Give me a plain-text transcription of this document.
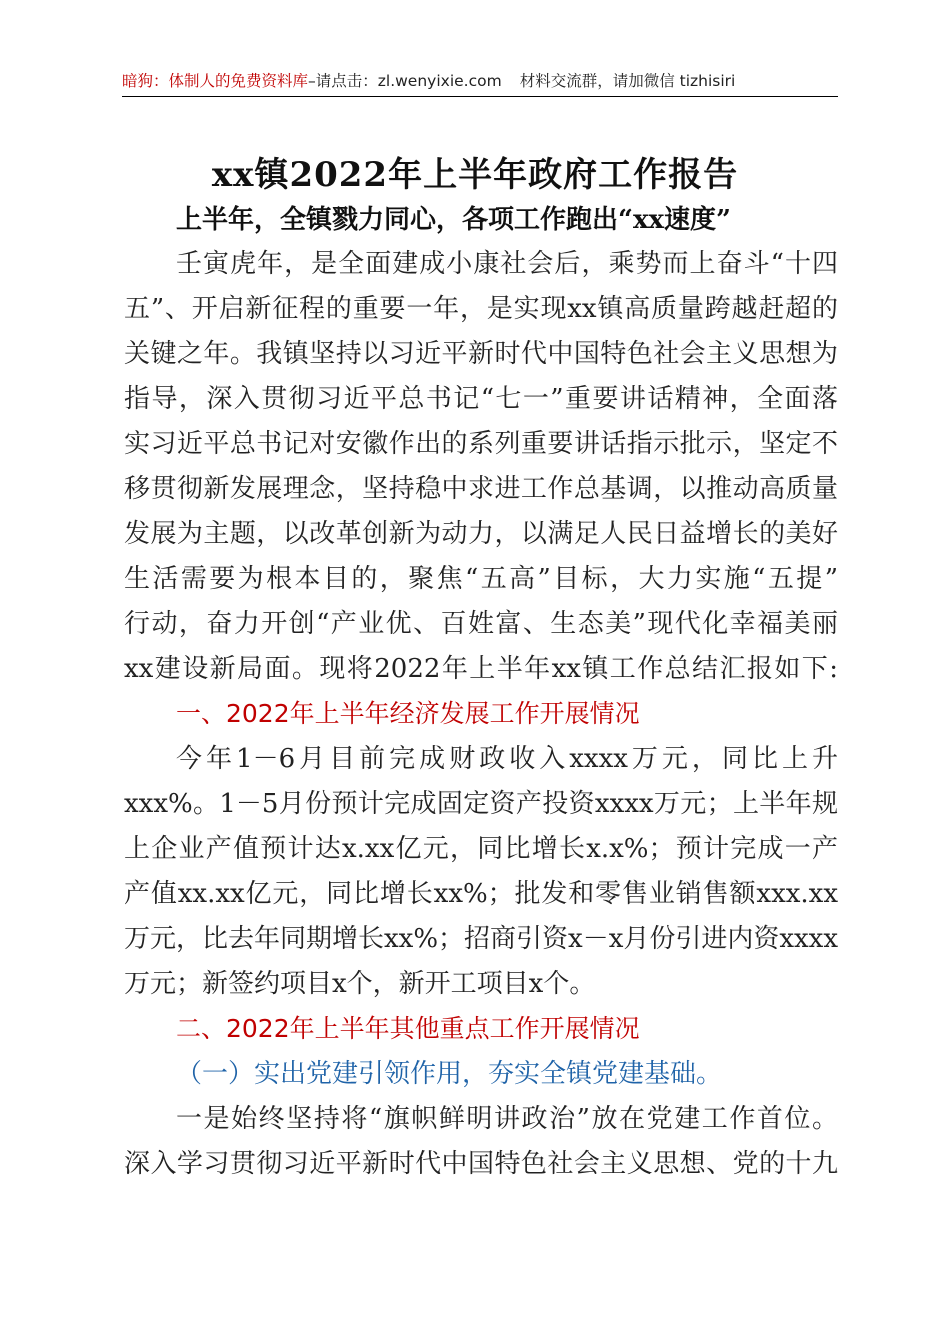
暗狗：体制人的免费资料库–请点击：zl.wenyixie.com 材料交流群，请加微信 tizhisiri
xx镇2022年上半年政府工作报告
上半年，全镇戮力同心，各项工作跑出“xx速度”
壬寅虎年，是全面建成小康社会后，乘势而上奋斗“十四
五”、开启新征程的重要一年，是实现xx镇高质量跨越赶超的
关键之年。我镇坚持以习近平新时代中国特色社会主义思想为
指导，深入贯彻习近平总书记“七一”重要讲话精神，全面落
实习近平总书记对安徽作出的系列重要讲话指示批示，坚定不
移贯彻新发展理念，坚持稳中求进工作总基调，以推动高质量
发展为主题，以改革创新为动力，以满足人民日益增长的美好
生活需要为根本目的，聚焦“五高”目标，大力实施“五提”
行动，奋力开创“产业优、百姓富、生态美”现代化幸福美丽
xx建设新局面。现将2022年上半年xx镇工作总结汇报如下:
一、2022年上半年经济发展工作开展情况
今年1－6月目前完成财政收入xxxx万元，同比上升
xxx%。1－5月份预计完成固定资产投资xxxx万元；上半年规
上企业产值预计达x.xx亿元，同比增长x.x%；预计完成一产
产值xx.xx亿元，同比增长xx%；批发和零售业销售额xxx.xx
万元，比去年同期增长xx%；招商引资x－x月份引进内资xxxx
万元；新签约项目x个，新开工项目x个。
二、2022年上半年其他重点工作开展情况
（一）实出党建引领作用，夯实全镇党建基础。
一是始终坚持将“旗帜鲜明讲政治”放在党建工作首位。
深入学习贯彻习近平新时代中国特色社会主义思想、党的十九
